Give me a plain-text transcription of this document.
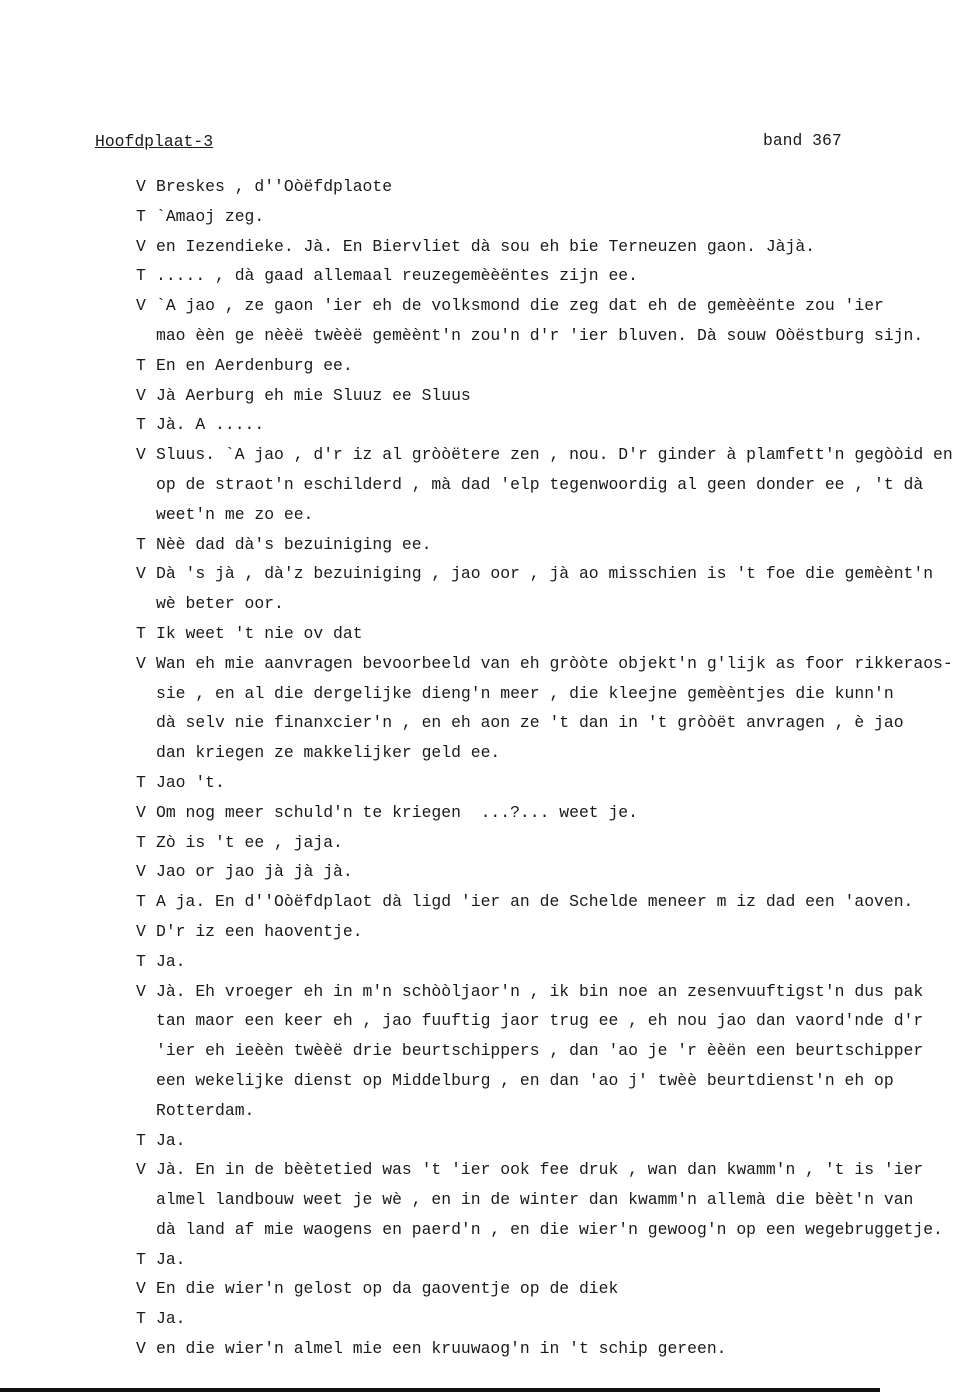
Hoofdplaat-3	band 367
V Breskes , d''Oòëfdplaote
T `Amaoj zeg.
V en Iezendieke. Jà. En Biervliet dà sou eh bie Terneuzen gaon. Jàjà.
T ..... , dà gaad allemaal reuzegemèèëntes zijn ee.
V `A jao , ze gaon 'ier eh de volksmond die zeg dat eh de gemèèënte zou 'ier
mao èèn ge nèèë twèèë gemèènt'n zou'n d'r 'ier bluven. Dà souw Oòëstburg sijn.
T En en Aerdenburg ee.
V Jà Aerburg eh mie Sluuz ee Sluus
T Jà. A .....
V Sluus. `A jao , d'r iz al gròòëtere zen , nou. D'r ginder à plamfett'n gegòòid en
op de straot'n eschilderd , mà dad 'elp tegenwoordig al geen donder ee , 't dà
weet'n me zo ee.
T Nèè dad dà's bezuiniging ee.
V Dà 's jà , dà'z bezuiniging , jao oor , jà ao misschien is 't foe die gemèènt'n
wè beter oor.
T Ik weet 't nie ov dat
V Wan eh mie aanvragen bevoorbeeld van eh gròòte objekt'n g'lijk as foor rikkeraos-
sie , en al die dergelijke dieng'n meer , die kleejne gemèèntjes die kunn'n
dà selv nie finanxcier'n , en eh aon ze 't dan in 't gròòët anvragen , è jao
dan kriegen ze makkelijker geld ee.
T Jao 't.
V Om nog meer schuld'n te kriegen  ...?... weet je.
T Zò is 't ee , jaja.
V Jao or jao jà jà jà.
T A ja. En d''Oòëfdplaot dà ligd 'ier an de Schelde meneer m iz dad een 'aoven.
V D'r iz een haoventje.
T Ja.
V Jà. Eh vroeger eh in m'n schòòljaor'n , ik bin noe an zesenvuuftigst'n dus pak
tan maor een keer eh , jao fuuftig jaor trug ee , eh nou jao dan vaord'nde d'r
'ier eh ieèèn twèèë drie beurtschippers , dan 'ao je 'r èèën een beurtschipper
een wekelijke dienst op Middelburg , en dan 'ao j' twèè beurtdienst'n eh op
Rotterdam.
T Ja.
V Jà. En in de bèètetied was 't 'ier ook fee druk , wan dan kwamm'n , 't is 'ier
almel landbouw weet je wè , en in de winter dan kwamm'n allemà die bèèt'n van
dà land af mie waogens en paerd'n , en die wier'n gewoog'n op een wegebruggetje.
T Ja.
V En die wier'n gelost op da gaoventje op de diek
T Ja.
V en die wier'n almel mie een kruuwaog'n in 't schip gereen.
